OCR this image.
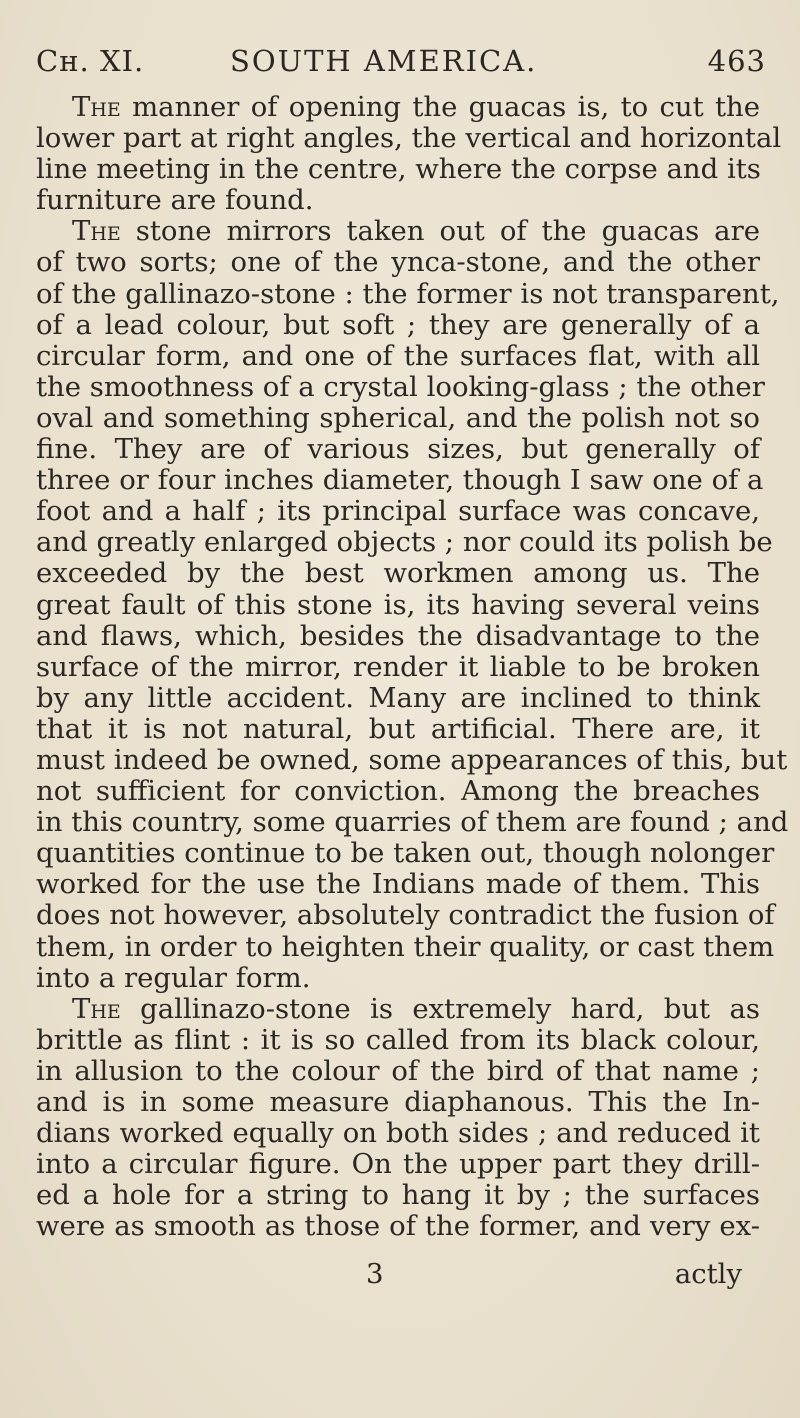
Cн. XI.	SOUTH AMERICA.	463
The manner of opening the guacas is, to cut the
lower part at right angles, the vertical and horizontal
line meeting in the centre, where the corpse and its
furniture are found.
The stone mirrors taken out of the guacas are
of two sorts; one of the ynca-stone, and the other
of the gallinazo-stone : the former is not transparent,
of a lead colour, but soft ; they are generally of a
circular form, and one of the surfaces flat, with all
the smoothness of a crystal looking-glass ; the other
oval and something spherical, and the polish not so
fine. They are of various sizes, but generally of
three or four inches diameter, though I saw one of a
foot and a half ; its principal surface was concave,
and greatly enlarged objects ; nor could its polish be
exceeded by the best workmen among us. The
great fault of this stone is, its having several veins
and flaws, which, besides the disadvantage to the
surface of the mirror, render it liable to be broken
by any little accident. Many are inclined to think
that it is not natural, but artificial. There are, it
must indeed be owned, some appearances of this, but
not sufficient for conviction. Among the breaches
in this country, some quarries of them are found ; and
quantities continue to be taken out, though nolonger
worked for the use the Indians made of them. This
does not however, absolutely contradict the fusion of
them, in order to heighten their quality, or cast them
into a regular form.
The gallinazo-stone is extremely hard, but as
brittle as flint : it is so called from its black colour,
in allusion to the colour of the bird of that name ;
and is in some measure diaphanous. This the In-
dians worked equally on both sides ; and reduced it
into a circular figure. On the upper part they drill-
ed a hole for a string to hang it by ; the surfaces
were as smooth as those of the former, and very ex-
3	actly
